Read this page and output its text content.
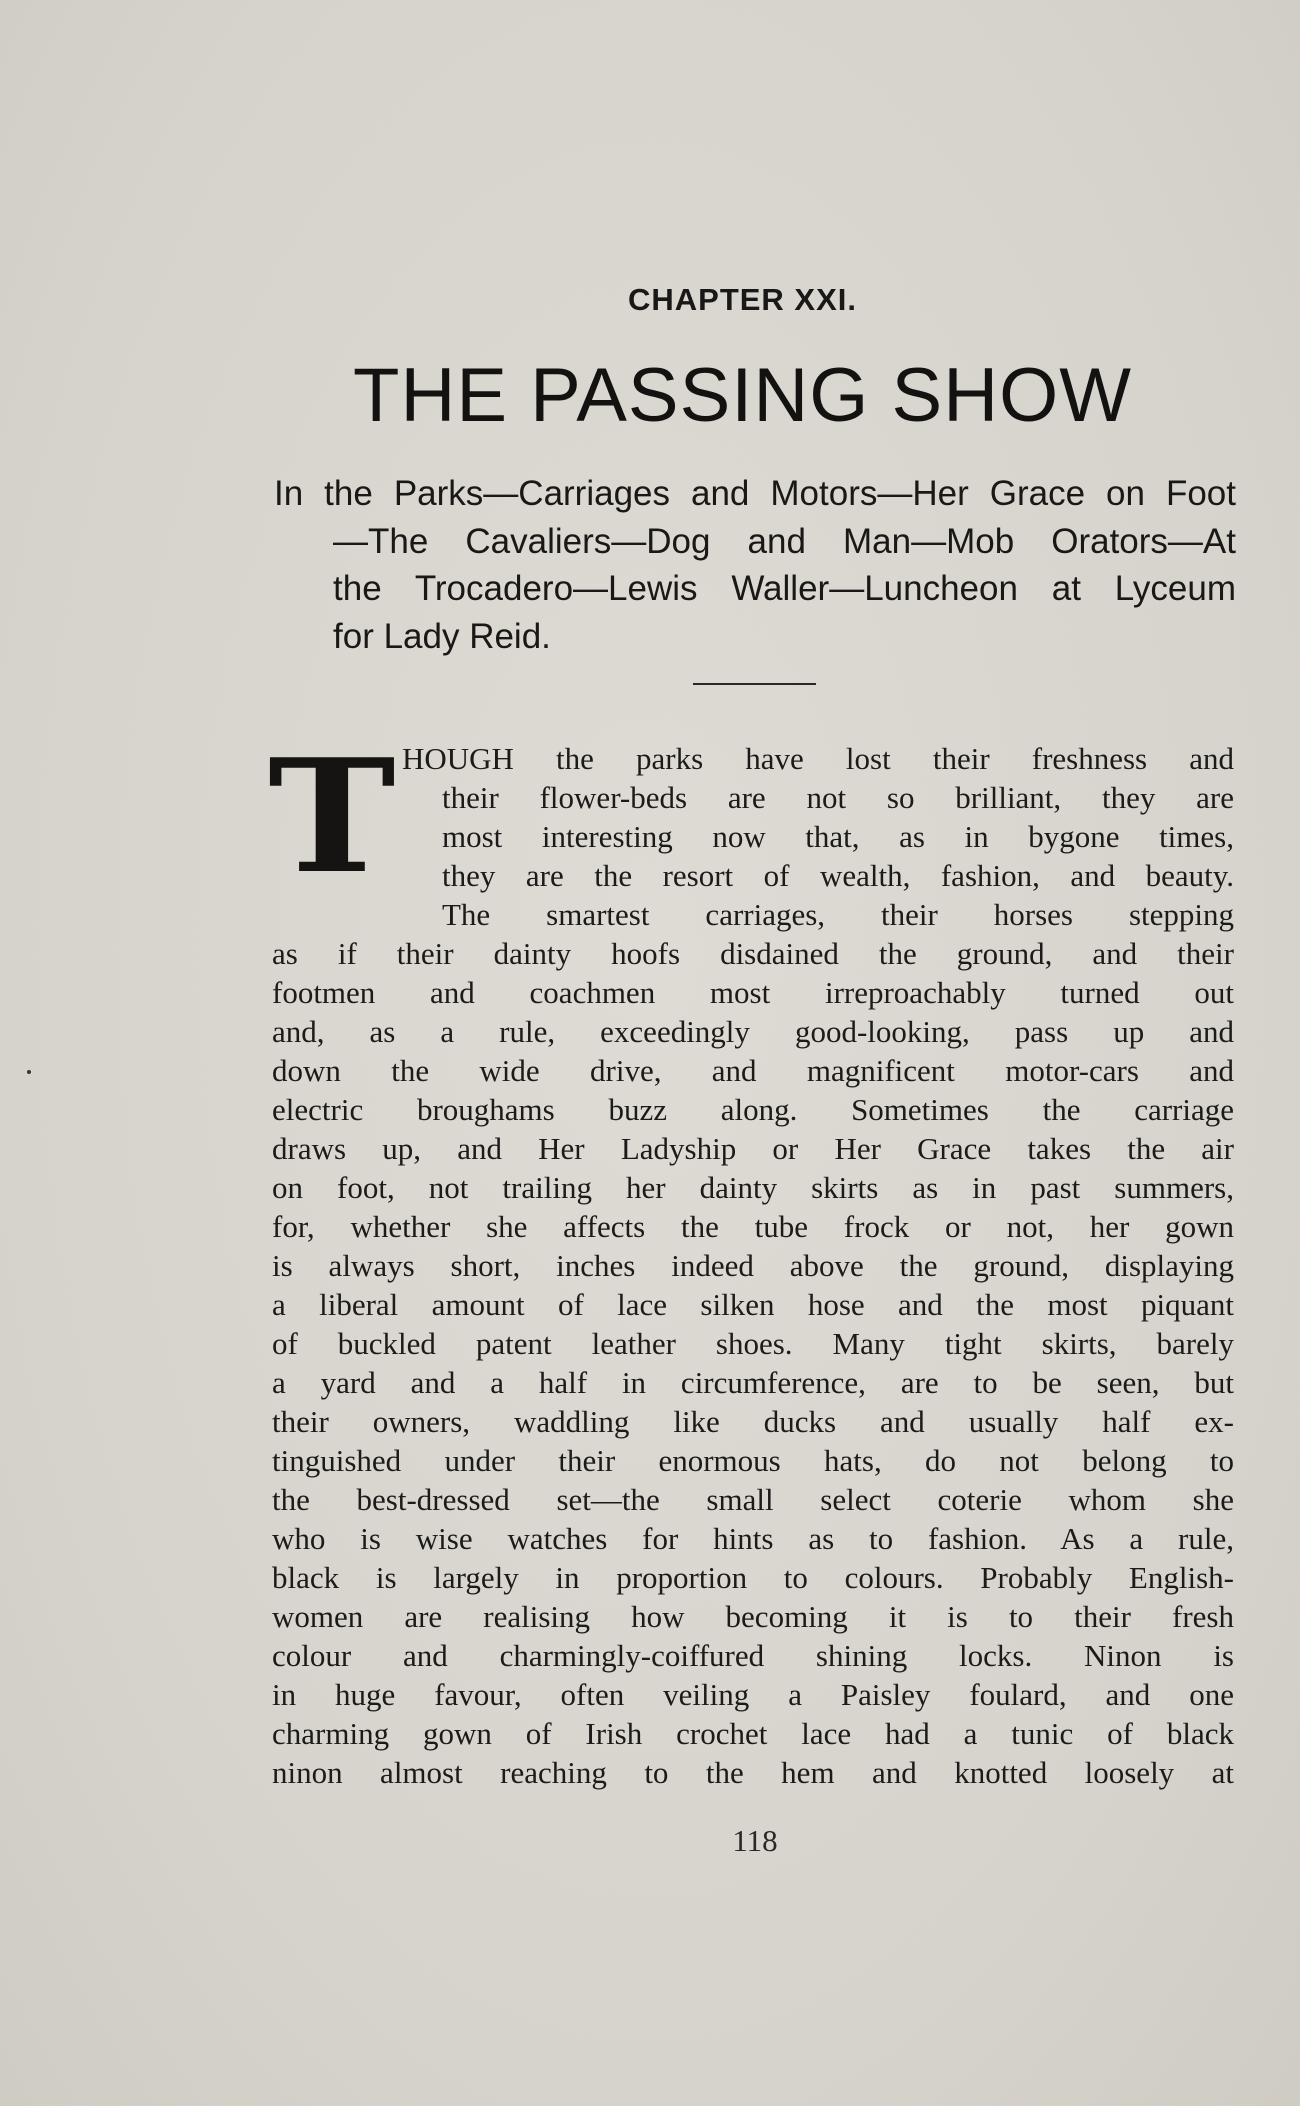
CHAPTER XXI.
THE PASSING SHOW
In the Parks—Carriages and Motors—Her Grace on Foot
—The Cavaliers—Dog and Man—Mob Orators—At
the Trocadero—Lewis Waller—Luncheon at Lyceum
for Lady Reid.
T HOUGH the parks have lost their freshness and
their flower-beds are not so brilliant, they are
most interesting now that, as in bygone times,
they are the resort of wealth, fashion, and beauty.
The smartest carriages, their horses stepping
as if their dainty hoofs disdained the ground, and their
footmen and coachmen most irreproachably turned out
and, as a rule, exceedingly good-looking, pass up and
down the wide drive, and magnificent motor-cars and
electric broughams buzz along. Sometimes the carriage
draws up, and Her Ladyship or Her Grace takes the air
on foot, not trailing her dainty skirts as in past summers,
for, whether she affects the tube frock or not, her gown
is always short, inches indeed above the ground, displaying
a liberal amount of lace silken hose and the most piquant
of buckled patent leather shoes. Many tight skirts, barely
a yard and a half in circumference, are to be seen, but
their owners, waddling like ducks and usually half ex-
tinguished under their enormous hats, do not belong to
the best-dressed set—the small select coterie whom she
who is wise watches for hints as to fashion. As a rule,
black is largely in proportion to colours. Probably English-
women are realising how becoming it is to their fresh
colour and charmingly-coiffured shining locks. Ninon is
in huge favour, often veiling a Paisley foulard, and one
charming gown of Irish crochet lace had a tunic of black
ninon almost reaching to the hem and knotted loosely at
118
